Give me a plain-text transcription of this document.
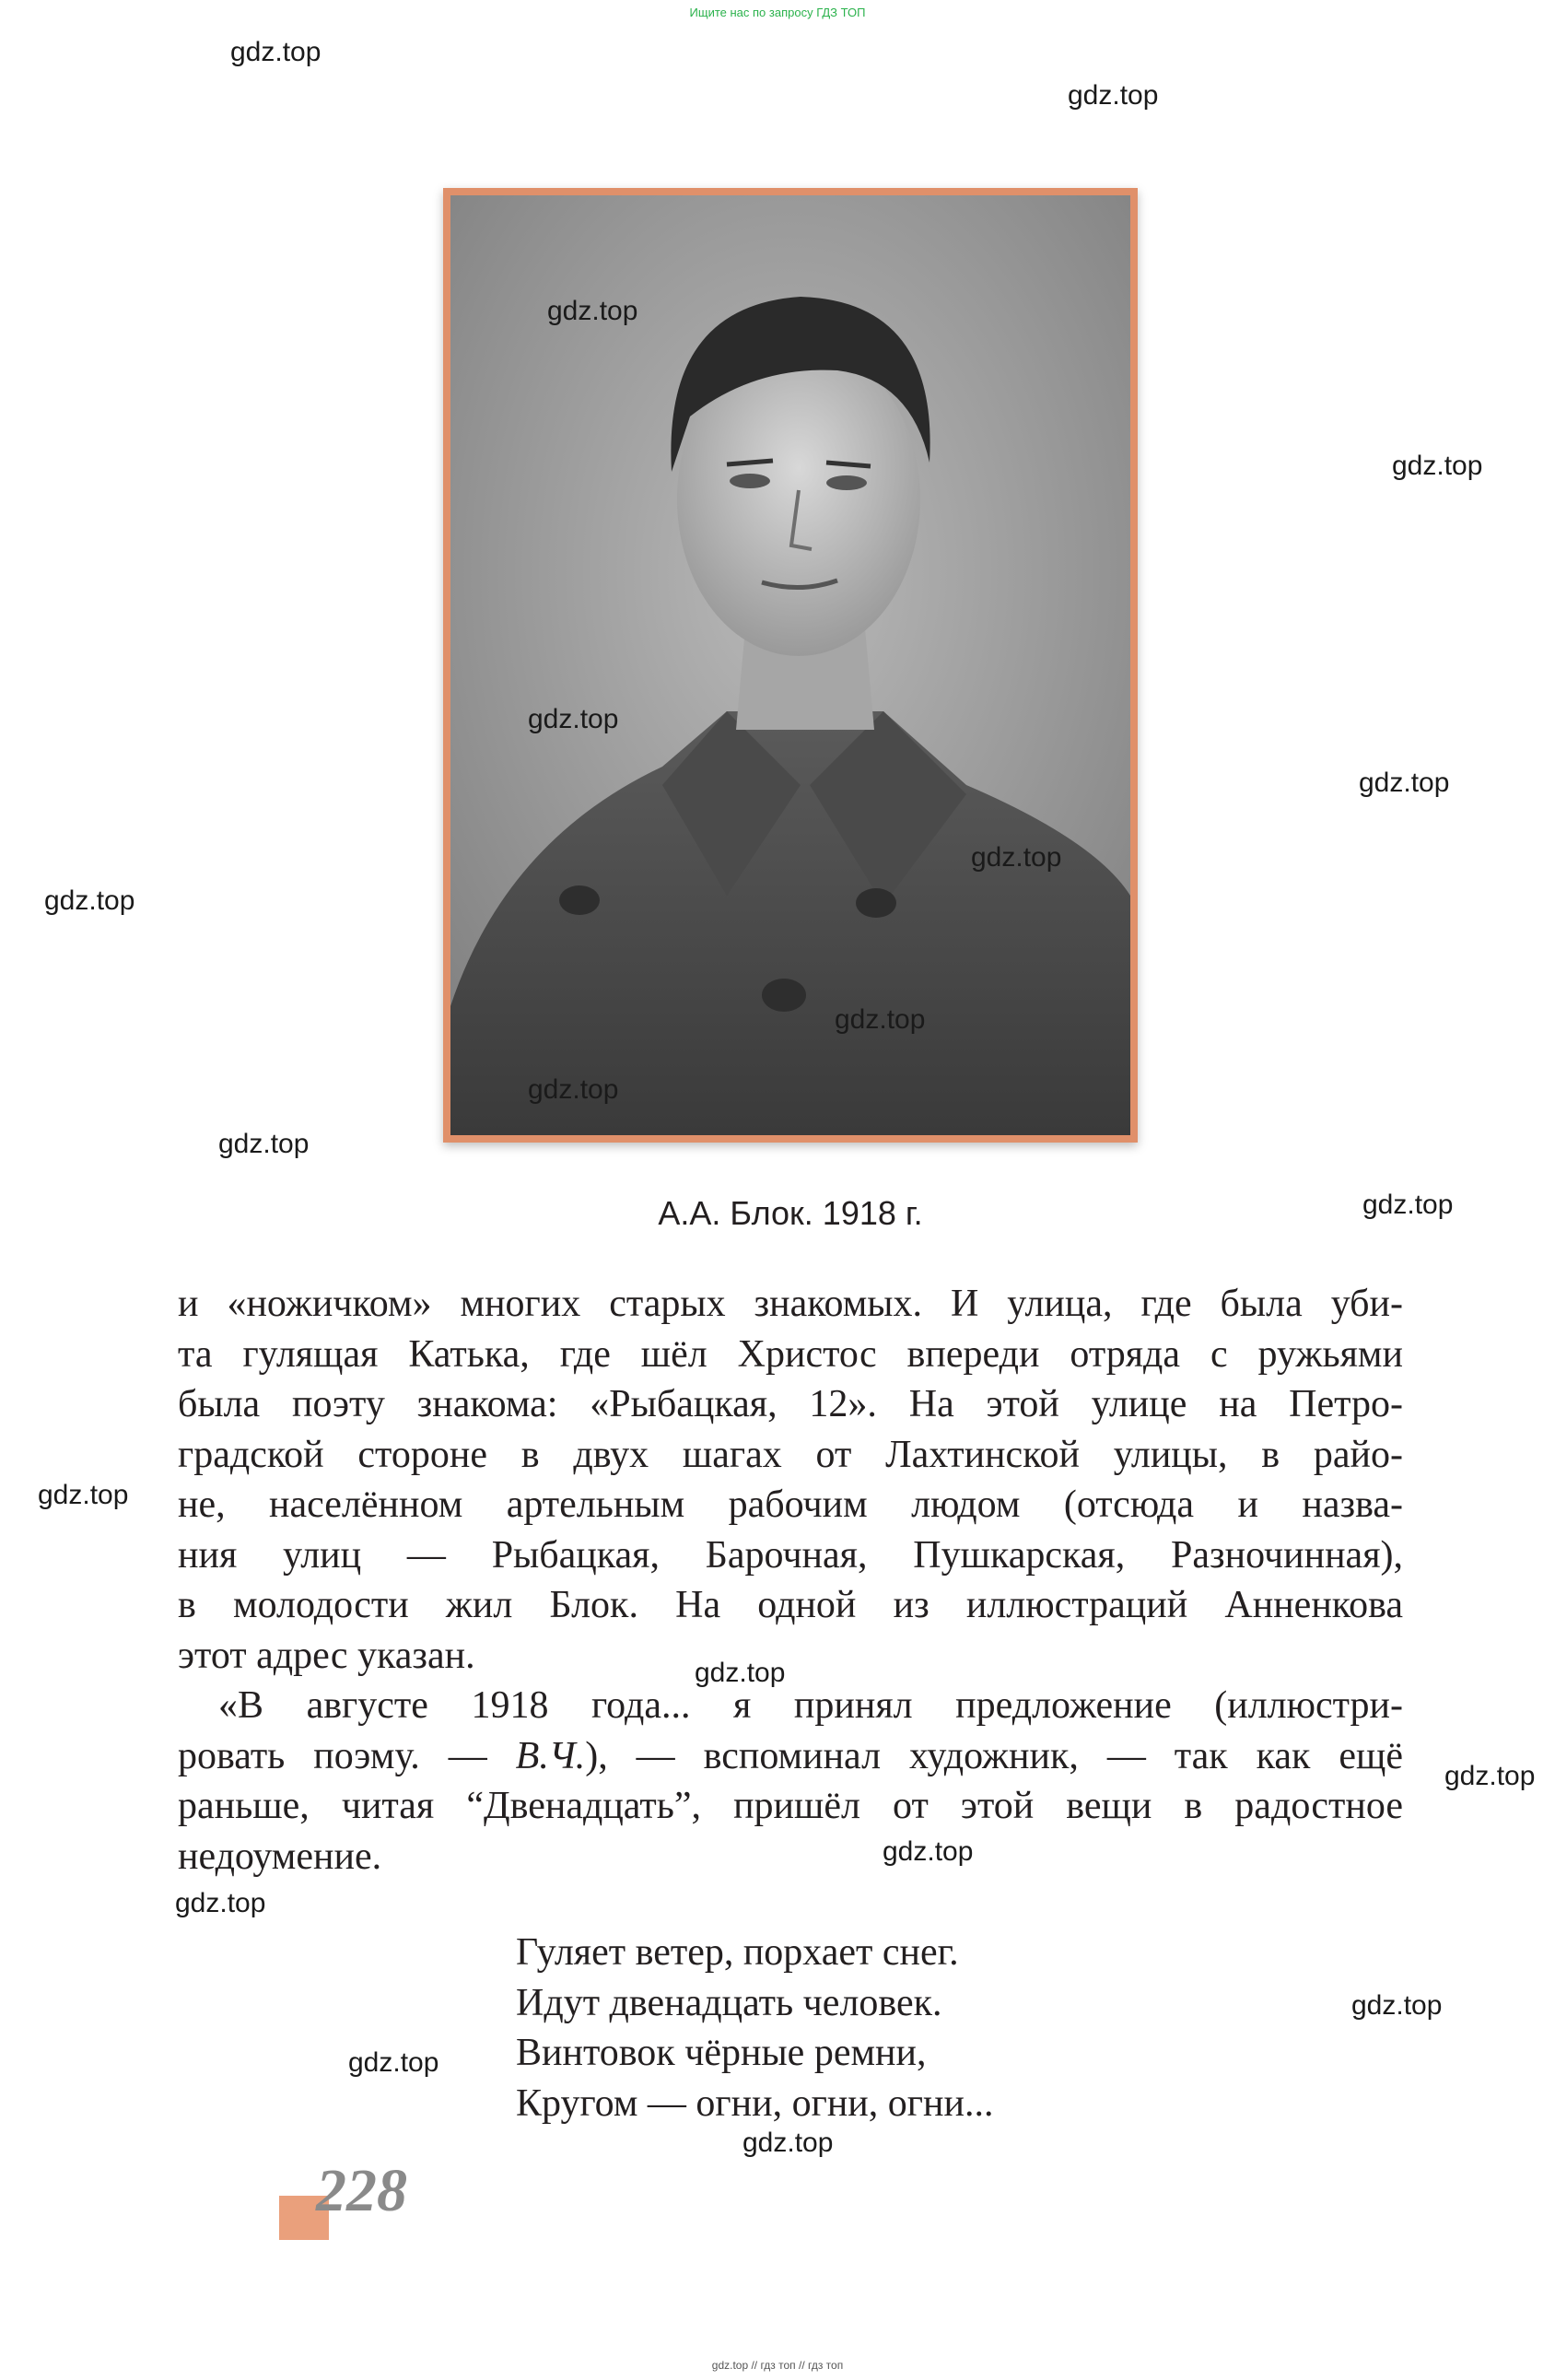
Ищите нас по запросу ГДЗ ТОП
gdz.top
gdz.top
gdz.top
gdz.top
gdz.top
gdz.top
gdz.top
gdz.top
gdz.top
gdz.top
gdz.top
gdz.top
gdz.top
gdz.top
gdz.top
gdz.top
gdz.top
gdz.top
gdz.top
gdz.top
А.А. Блок. 1918 г.
и «ножичком» многих старых знакомых. И улица, где была уби-
та гулящая Катька, где шёл Христос впереди отряда с ружьями
была поэту знакома: «Рыбацкая, 12». На этой улице на Петро-
градской стороне в двух шагах от Лахтинской улицы, в райо-
не, населённом артельным рабочим людом (отсюда и назва-
ния улиц — Рыбацкая, Барочная, Пушкарская, Разночинная),
в молодости жил Блок. На одной из иллюстраций Анненкова
этот адрес указан.
«В августе 1918 года... я принял предложение (иллюстри-
ровать поэму. — В.Ч.), — вспоминал художник, — так как ещё
раньше, читая “Двенадцать”, пришёл от этой вещи в радостное
недоумение.
Гуляет ветер, порхает снег.
Идут двенадцать человек.
Винтовок чёрные ремни,
Кругом — огни, огни, огни...
228
gdz.top // гдз топ // гдз топ
